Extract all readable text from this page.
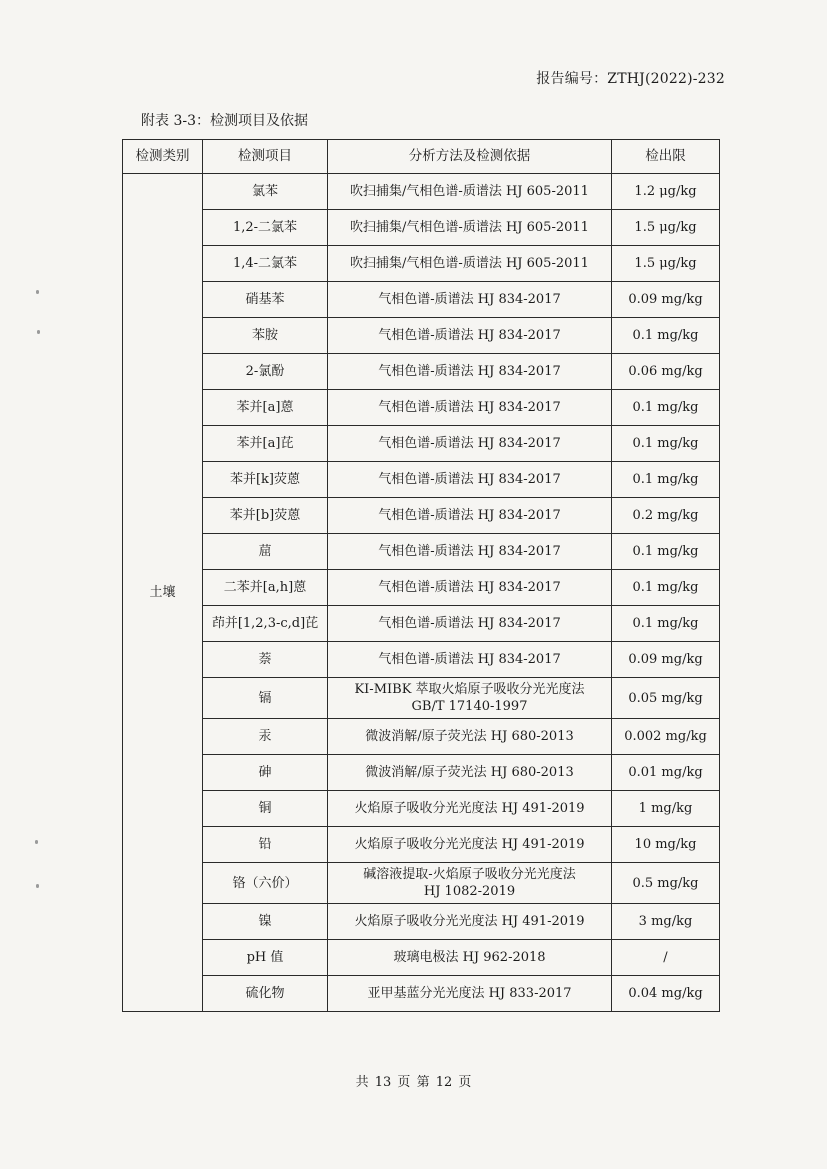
报告编号：ZTHJ(2022)-232
附表 3-3：检测项目及依据
检测类别	检测项目	分析方法及检测依据	检出限
土壤	氯苯	吹扫捕集/气相色谱-质谱法 HJ 605-2011	1.2 μg/kg
	1,2-二氯苯	吹扫捕集/气相色谱-质谱法 HJ 605-2011	1.5 μg/kg
	1,4-二氯苯	吹扫捕集/气相色谱-质谱法 HJ 605-2011	1.5 μg/kg
	硝基苯	气相色谱-质谱法 HJ 834-2017	0.09 mg/kg
	苯胺	气相色谱-质谱法 HJ 834-2017	0.1 mg/kg
	2-氯酚	气相色谱-质谱法 HJ 834-2017	0.06 mg/kg
	苯并[a]蒽	气相色谱-质谱法 HJ 834-2017	0.1 mg/kg
	苯并[a]芘	气相色谱-质谱法 HJ 834-2017	0.1 mg/kg
	苯并[k]荧蒽	气相色谱-质谱法 HJ 834-2017	0.1 mg/kg
	苯并[b]荧蒽	气相色谱-质谱法 HJ 834-2017	0.2 mg/kg
	䓛	气相色谱-质谱法 HJ 834-2017	0.1 mg/kg
	二苯并[a,h]蒽	气相色谱-质谱法 HJ 834-2017	0.1 mg/kg
	茚并[1,2,3-c,d]芘	气相色谱-质谱法 HJ 834-2017	0.1 mg/kg
	萘	气相色谱-质谱法 HJ 834-2017	0.09 mg/kg
	镉	KI-MIBK 萃取火焰原子吸收分光光度法
GB/T 17140-1997	0.05 mg/kg
	汞	微波消解/原子荧光法 HJ 680-2013	0.002 mg/kg
	砷	微波消解/原子荧光法 HJ 680-2013	0.01 mg/kg
	铜	火焰原子吸收分光光度法 HJ 491-2019	1 mg/kg
	铅	火焰原子吸收分光光度法 HJ 491-2019	10 mg/kg
	铬（六价）	碱溶液提取-火焰原子吸收分光光度法
HJ 1082-2019	0.5 mg/kg
	镍	火焰原子吸收分光光度法 HJ 491-2019	3 mg/kg
	pH 值	玻璃电极法 HJ 962-2018	/
	硫化物	亚甲基蓝分光光度法 HJ 833-2017	0.04 mg/kg
共 13 页 第 12 页
